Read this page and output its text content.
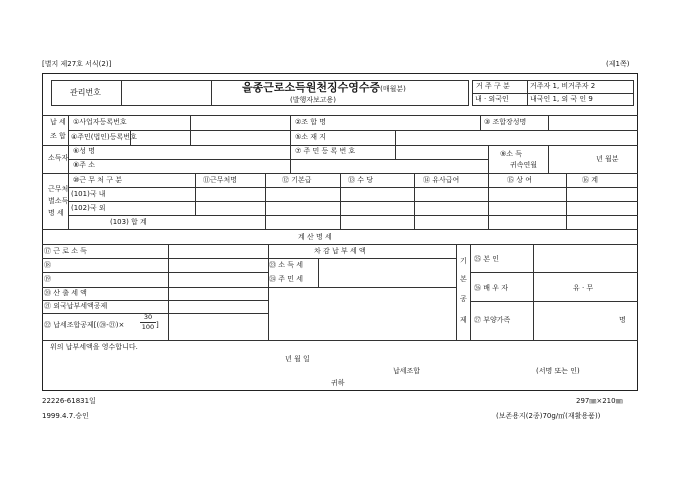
[별지 제27호 서식(2)]	(제1쪽)
관리번호	을종근로소득원천징수영수증(매월분)
(발행자보고용)
거 주 구 분	거주자 1, 비거주자 2
내 · 외국인	내국인 1, 외 국 인 9
납 세
조 합
①사업자등록번호	②조 합 명	③ 조합장성명
④주민(법인)등록번호	⑤소 재 지
소득자
⑥성 명	⑦ 주 민 등 록 번 호
⑧주 소
⑨소 득
귀속연월
년 월분
근무처
별소득
명 세
⑩근 무 처 구 분	⑪근무처명	⑫ 기본급	⑬ 수 당	⑭ 유사급여	⑮ 상 여	⑯ 계
(101)국 내
(102)국 외
(103) 합 계
계 산 명 세
⑰ 근 로 소 득
⑱
⑲
⑳ 산 출 세 액
㉑ 외국납부세액공제
㉒ 납세조합공제[(⑳-㉑)×
30
100 ]
차 감 납 부 세 액
㉓ 소 득 세
㉔ 주 민 세
기
본
공
제
㉕ 본 인
㉖ 배 우 자	유 · 무
㉗ 부양가족	명
위의 납부세액을 영수합니다.
년 월 일
납세조합	(서명 또는 인)
귀하
22226-61831일	297㎜×210㎜
1999.4.7.승인	(보존용지(2종)70g/㎡(재활용품))
